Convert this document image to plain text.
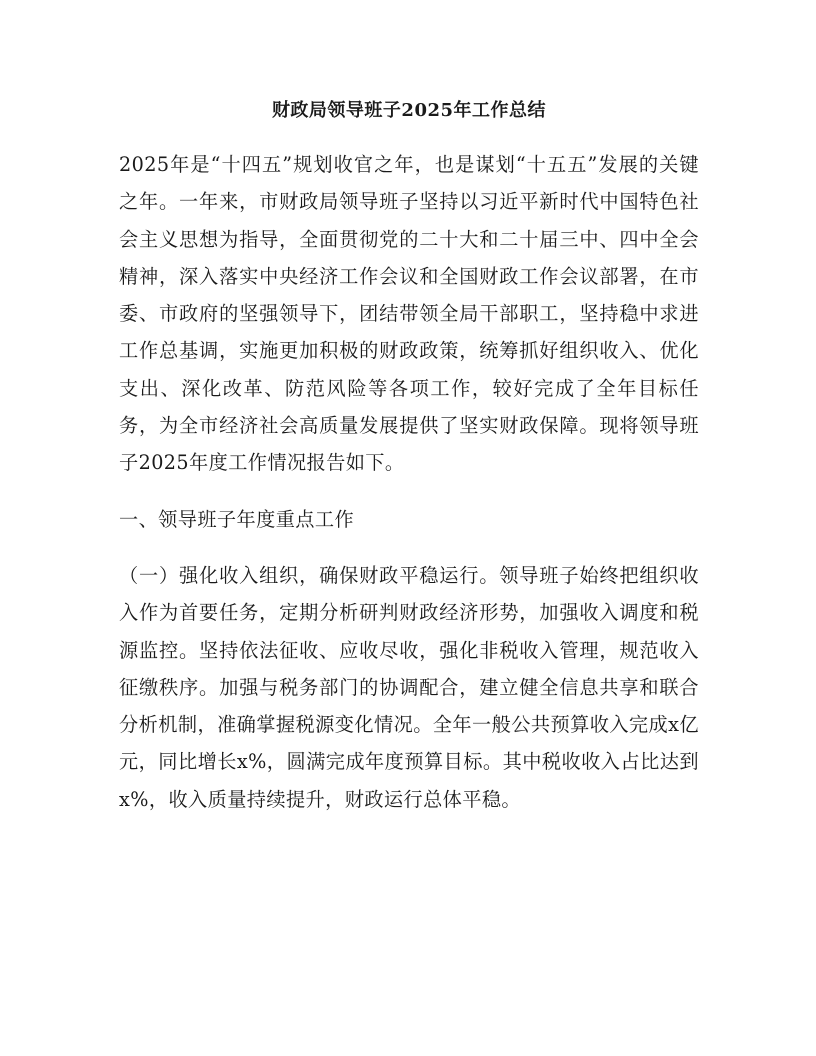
财政局领导班子2025年工作总结

2025年是“十四五”规划收官之年，也是谋划“十五五”发展的关键之年。一年来，市财政局领导班子坚持以习近平新时代中国特色社会主义思想为指导，全面贯彻党的二十大和二十届三中、四中全会精神，深入落实中央经济工作会议和全国财政工作会议部署，在市委、市政府的坚强领导下，团结带领全局干部职工，坚持稳中求进工作总基调，实施更加积极的财政政策，统筹抓好组织收入、优化支出、深化改革、防范风险等各项工作，较好完成了全年目标任务，为全市经济社会高质量发展提供了坚实财政保障。现将领导班子2025年度工作情况报告如下。

一、领导班子年度重点工作

（一）强化收入组织，确保财政平稳运行。领导班子始终把组织收入作为首要任务，定期分析研判财政经济形势，加强收入调度和税源监控。坚持依法征收、应收尽收，强化非税收入管理，规范收入征缴秩序。加强与税务部门的协调配合，建立健全信息共享和联合分析机制，准确掌握税源变化情况。全年一般公共预算收入完成x亿元，同比增长x%，圆满完成年度预算目标。其中税收收入占比达到x%，收入质量持续提升，财政运行总体平稳。
